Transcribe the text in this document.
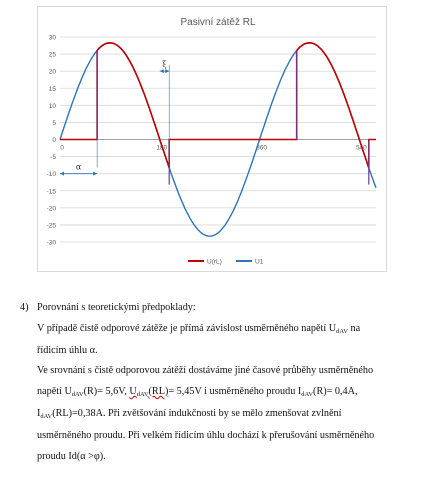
Pasivní zátěž RL
30
25
20
15
10
5
0
-5
-10
-15
-20
-25
-30
0	180	360	540
α
ξ
U(rL)	U1
4) Porovnání s teoretickými předpoklady:
V případě čistě odporové zátěže je přímá závislost usměrněného napětí UdAV na
řídicím úhlu α.
Ve srovnání s čistě odporovou zátěží dostáváme jiné časové průběhy usměrněného
napětí UdAV(R)= 5,6V, UdAV(RL)= 5,45V i usměrněného proudu IdAV(R)= 0,4A,
IdAV(RL)=0,38A. Při zvětšování indukčnosti by se mělo zmenšovat zvlnění
usměrněného proudu. Při velkém řídicím úhlu dochází k přerušování usměrněného
proudu Id(α >φ).
